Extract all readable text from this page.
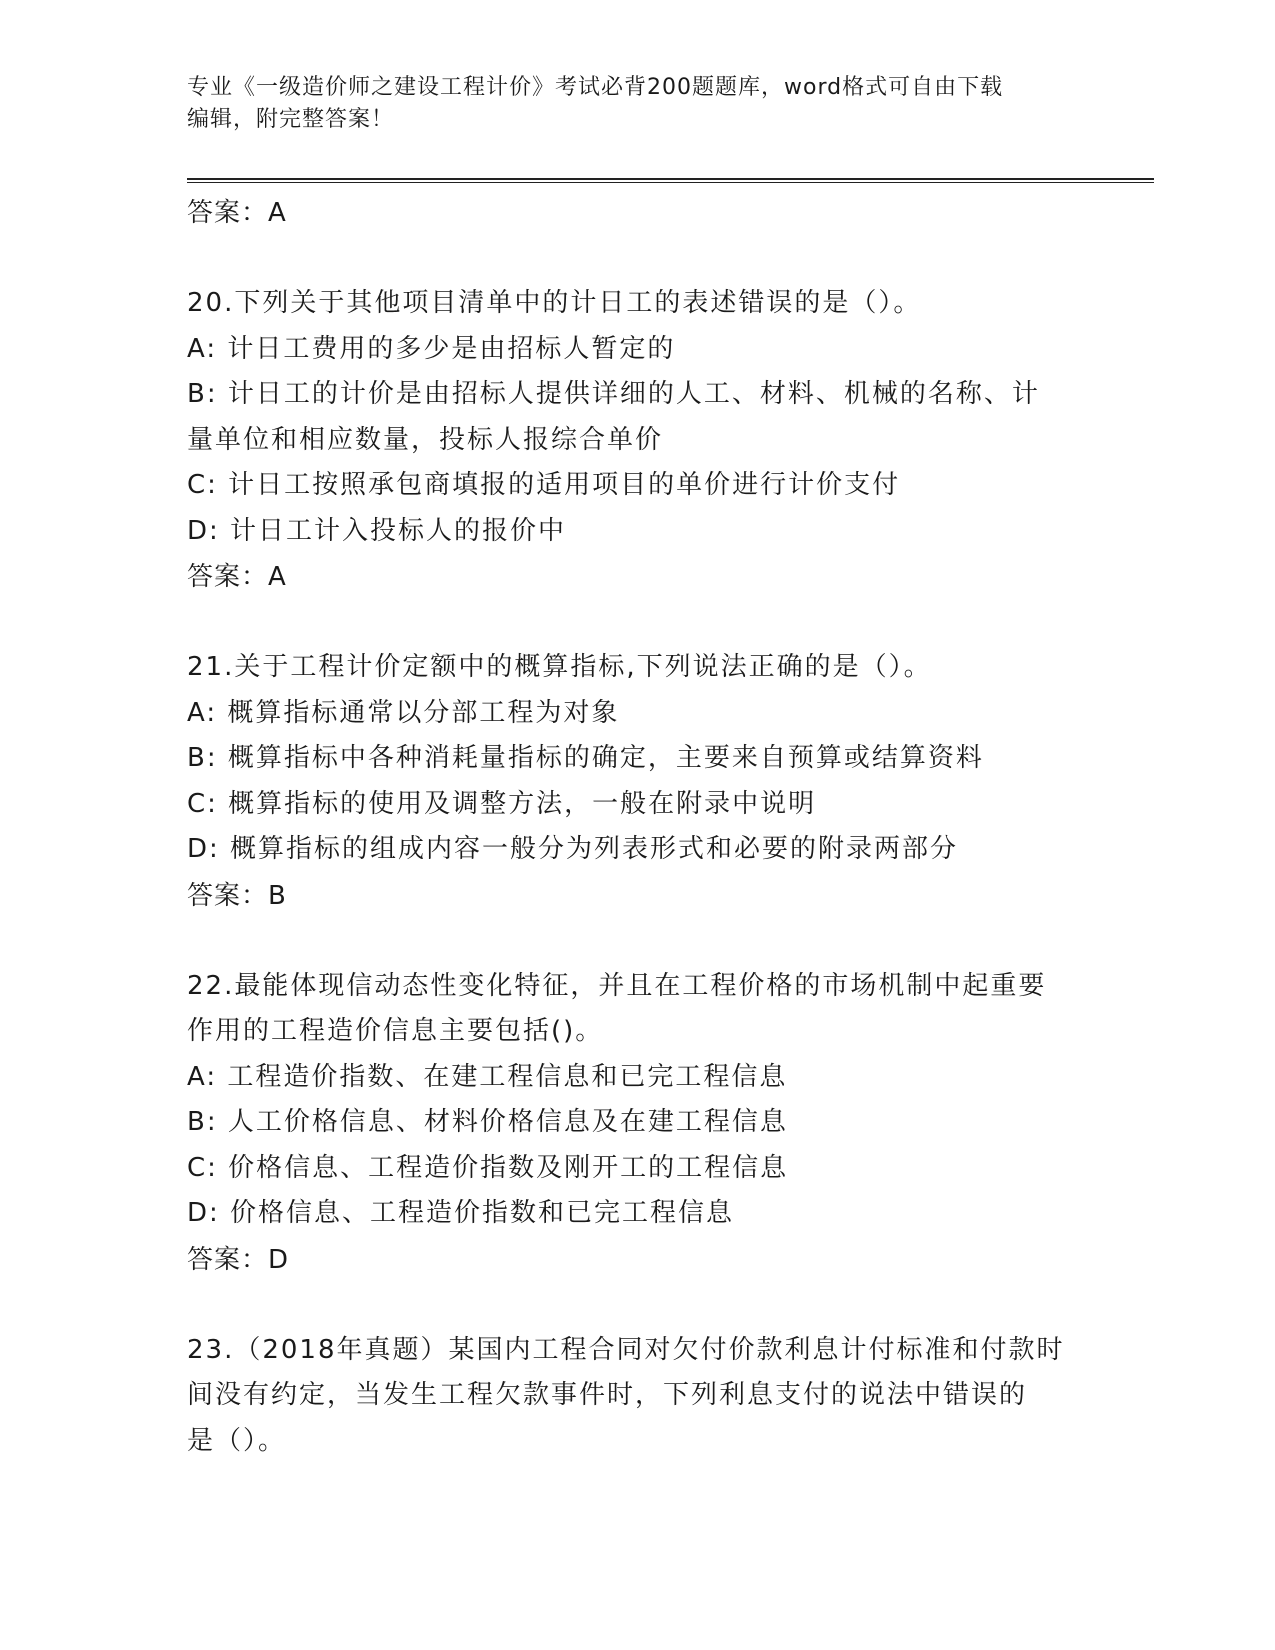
专业《一级造价师之建设工程计价》考试必背200题题库，word格式可自由下载
编辑，附完整答案！
答案：A
20.下列关于其他项目清单中的计日工的表述错误的是（）。
A: 计日工费用的多少是由招标人暂定的
B: 计日工的计价是由招标人提供详细的人工、材料、机械的名称、计
量单位和相应数量，投标人报综合单价
C: 计日工按照承包商填报的适用项目的单价进行计价支付
D: 计日工计入投标人的报价中
答案：A
21.关于工程计价定额中的概算指标,下列说法正确的是（）。
A: 概算指标通常以分部工程为对象
B: 概算指标中各种消耗量指标的确定，主要来自预算或结算资料
C: 概算指标的使用及调整方法，一般在附录中说明
D: 概算指标的组成内容一般分为列表形式和必要的附录两部分
答案：B
22.最能体现信动态性变化特征，并且在工程价格的市场机制中起重要
作用的工程造价信息主要包括()。
A: 工程造价指数、在建工程信息和已完工程信息
B: 人工价格信息、材料价格信息及在建工程信息
C: 价格信息、工程造价指数及刚开工的工程信息
D: 价格信息、工程造价指数和已完工程信息
答案：D
23.（2018年真题）某国内工程合同对欠付价款利息计付标准和付款时
间没有约定，当发生工程欠款事件时，下列利息支付的说法中错误的
是（）。
